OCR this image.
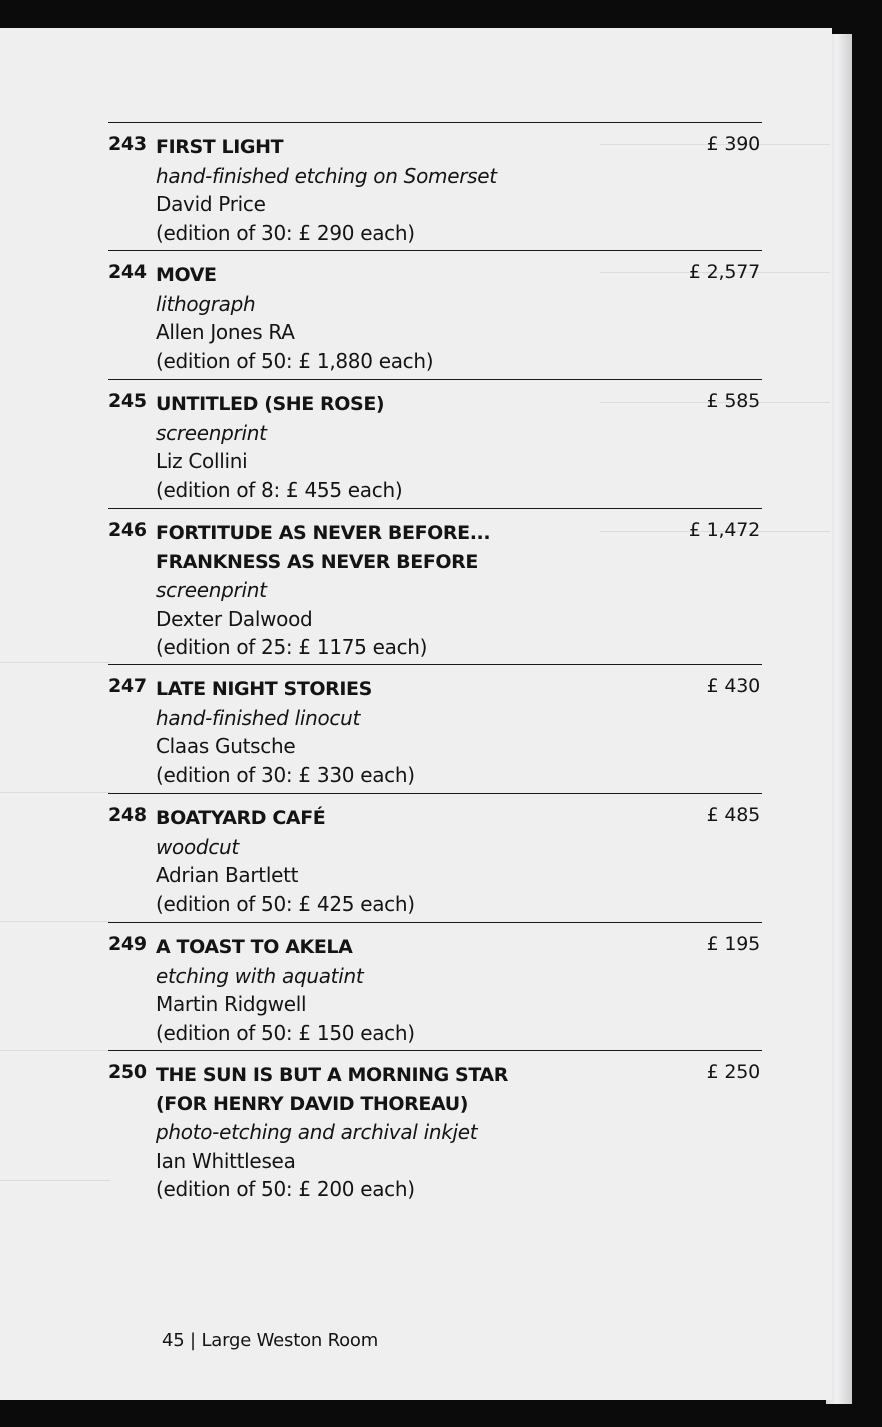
243 FIRST LIGHT
hand-finished etching on Somerset
David Price
(edition of 30: £ 290 each)
£ 390
244 MOVE
lithograph
Allen Jones RA
(edition of 50: £ 1,880 each)
£ 2,577
245 UNTITLED (SHE ROSE)
screenprint
Liz Collini
(edition of 8: £ 455 each)
£ 585
246 FORTITUDE AS NEVER BEFORE... FRANKNESS AS NEVER BEFORE
screenprint
Dexter Dalwood
(edition of 25: £ 1175 each)
£ 1,472
247 LATE NIGHT STORIES
hand-finished linocut
Claas Gutsche
(edition of 30: £ 330 each)
£ 430
248 BOATYARD CAFÉ
woodcut
Adrian Bartlett
(edition of 50: £ 425 each)
£ 485
249 A TOAST TO AKELA
etching with aquatint
Martin Ridgwell
(edition of 50: £ 150 each)
£ 195
250 THE SUN IS BUT A MORNING STAR (FOR HENRY DAVID THOREAU)
photo-etching and archival inkjet
Ian Whittlesea
(edition of 50: £ 200 each)
£ 250
45 | Large Weston Room
